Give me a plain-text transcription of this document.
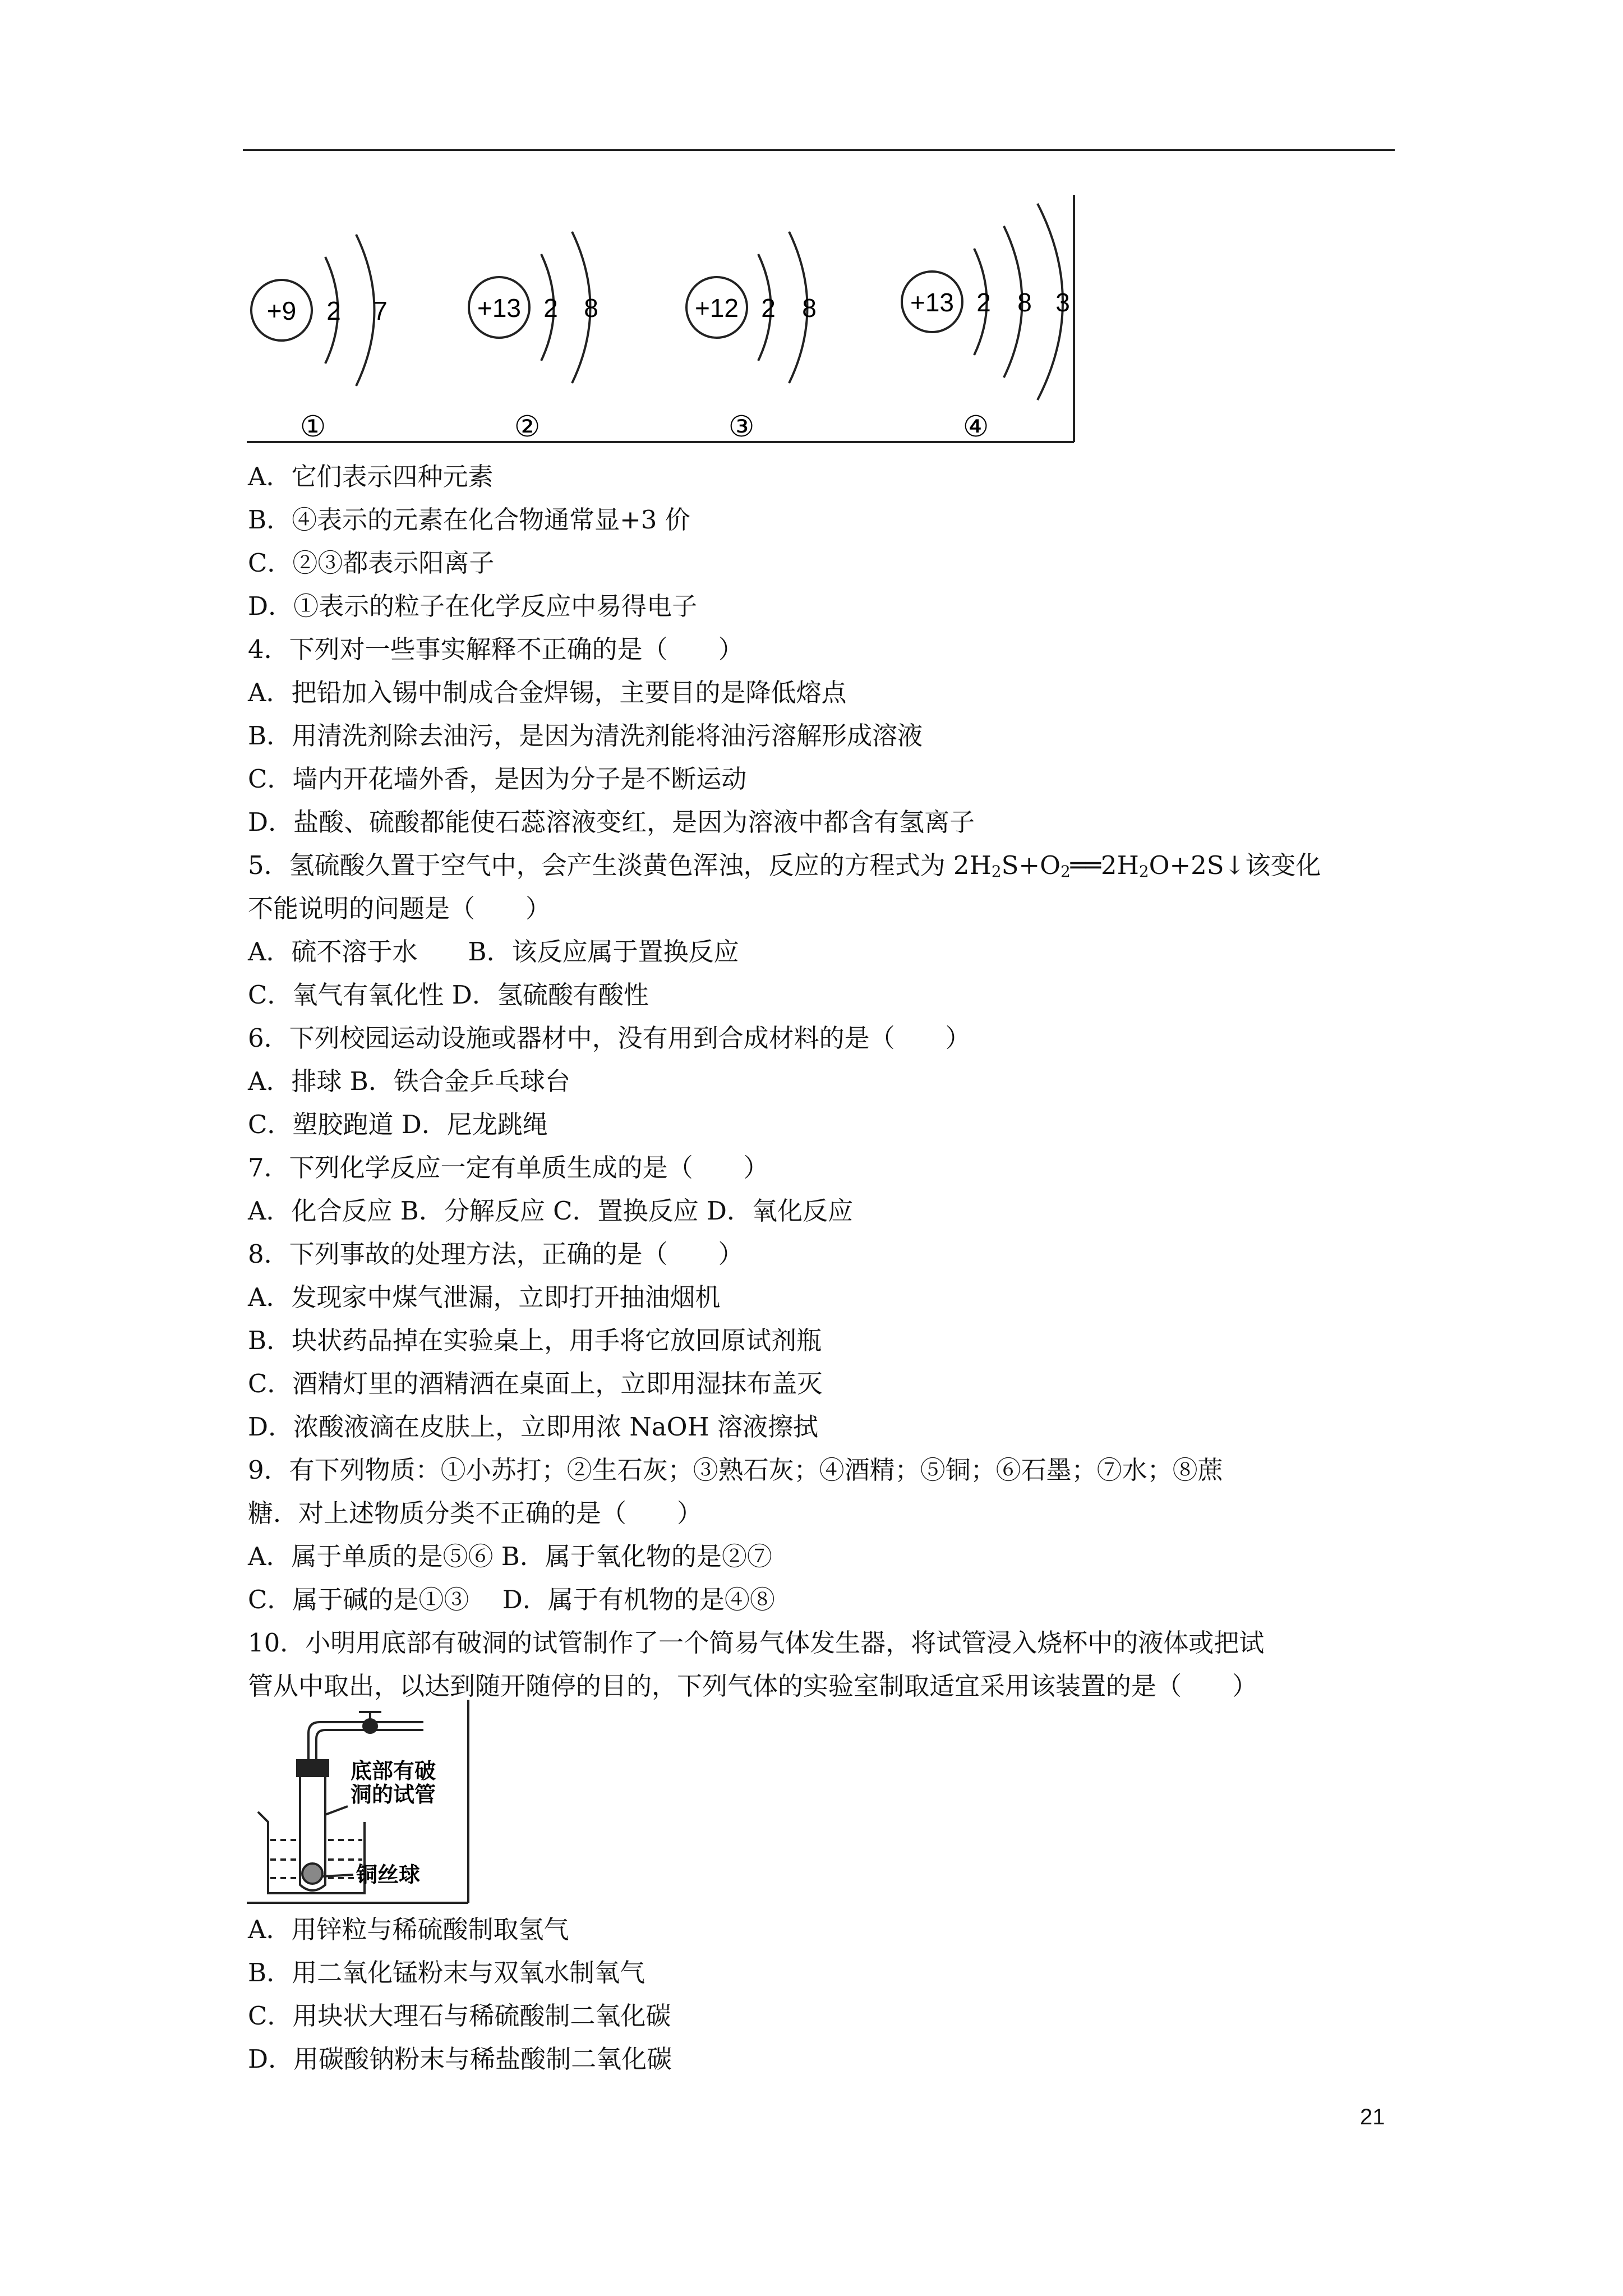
+9 2 7
①
+13 2 8
②
+12 2 8
③
+13 2 8 3
④
A．它们表示四种元素
B．④表示的元素在化合物通常显+3 价
C．②③都表示阳离子
D．①表示的粒子在化学反应中易得电子
4．下列对一些事实解释不正确的是（　　）
A．把铅加入锡中制成合金焊锡，主要目的是降低熔点
B．用清洗剂除去油污，是因为清洗剂能将油污溶解形成溶液
C．墙内开花墙外香，是因为分子是不断运动
D．盐酸、硫酸都能使石蕊溶液变红，是因为溶液中都含有氢离子
5．氢硫酸久置于空气中，会产生淡黄色浑浊，反应的方程式为 $2H_2S+O_2══2H_2O+2S↓$该变化
不能说明的问题是（　　）
A．硫不溶于水　　B．该反应属于置换反应
C．氧气有氧化性 D．氢硫酸有酸性
6．下列校园运动设施或器材中，没有用到合成材料的是（　　）
A．排球 B．铁合金乒乓球台
C．塑胶跑道 D．尼龙跳绳
7．下列化学反应一定有单质生成的是（　　）
A．化合反应 B．分解反应 C．置换反应 D．氧化反应
8．下列事故的处理方法，正确的是（　　）
A．发现家中煤气泄漏，立即打开抽油烟机
B．块状药品掉在实验桌上，用手将它放回原试剂瓶
C．酒精灯里的酒精洒在桌面上，立即用湿抹布盖灭
D．浓酸液滴在皮肤上，立即用浓 NaOH 溶液擦拭
9．有下列物质：①小苏打；②生石灰；③熟石灰；④酒精；⑤铜；⑥石墨；⑦水；⑧蔗
糖．对上述物质分类不正确的是（　　）
A．属于单质的是⑤⑥ B．属于氧化物的是②⑦
C．属于碱的是①③　 D．属于有机物的是④⑧
10．小明用底部有破洞的试管制作了一个简易气体发生器，将试管浸入烧杯中的液体或把试
管从中取出，以达到随开随停的目的，下列气体的实验室制取适宜采用该装置的是（　　）
底部有破
洞的试管
铜丝球
A．用锌粒与稀硫酸制取氢气
B．用二氧化锰粉末与双氧水制氧气
C．用块状大理石与稀硫酸制二氧化碳
D．用碳酸钠粉末与稀盐酸制二氧化碳
21
